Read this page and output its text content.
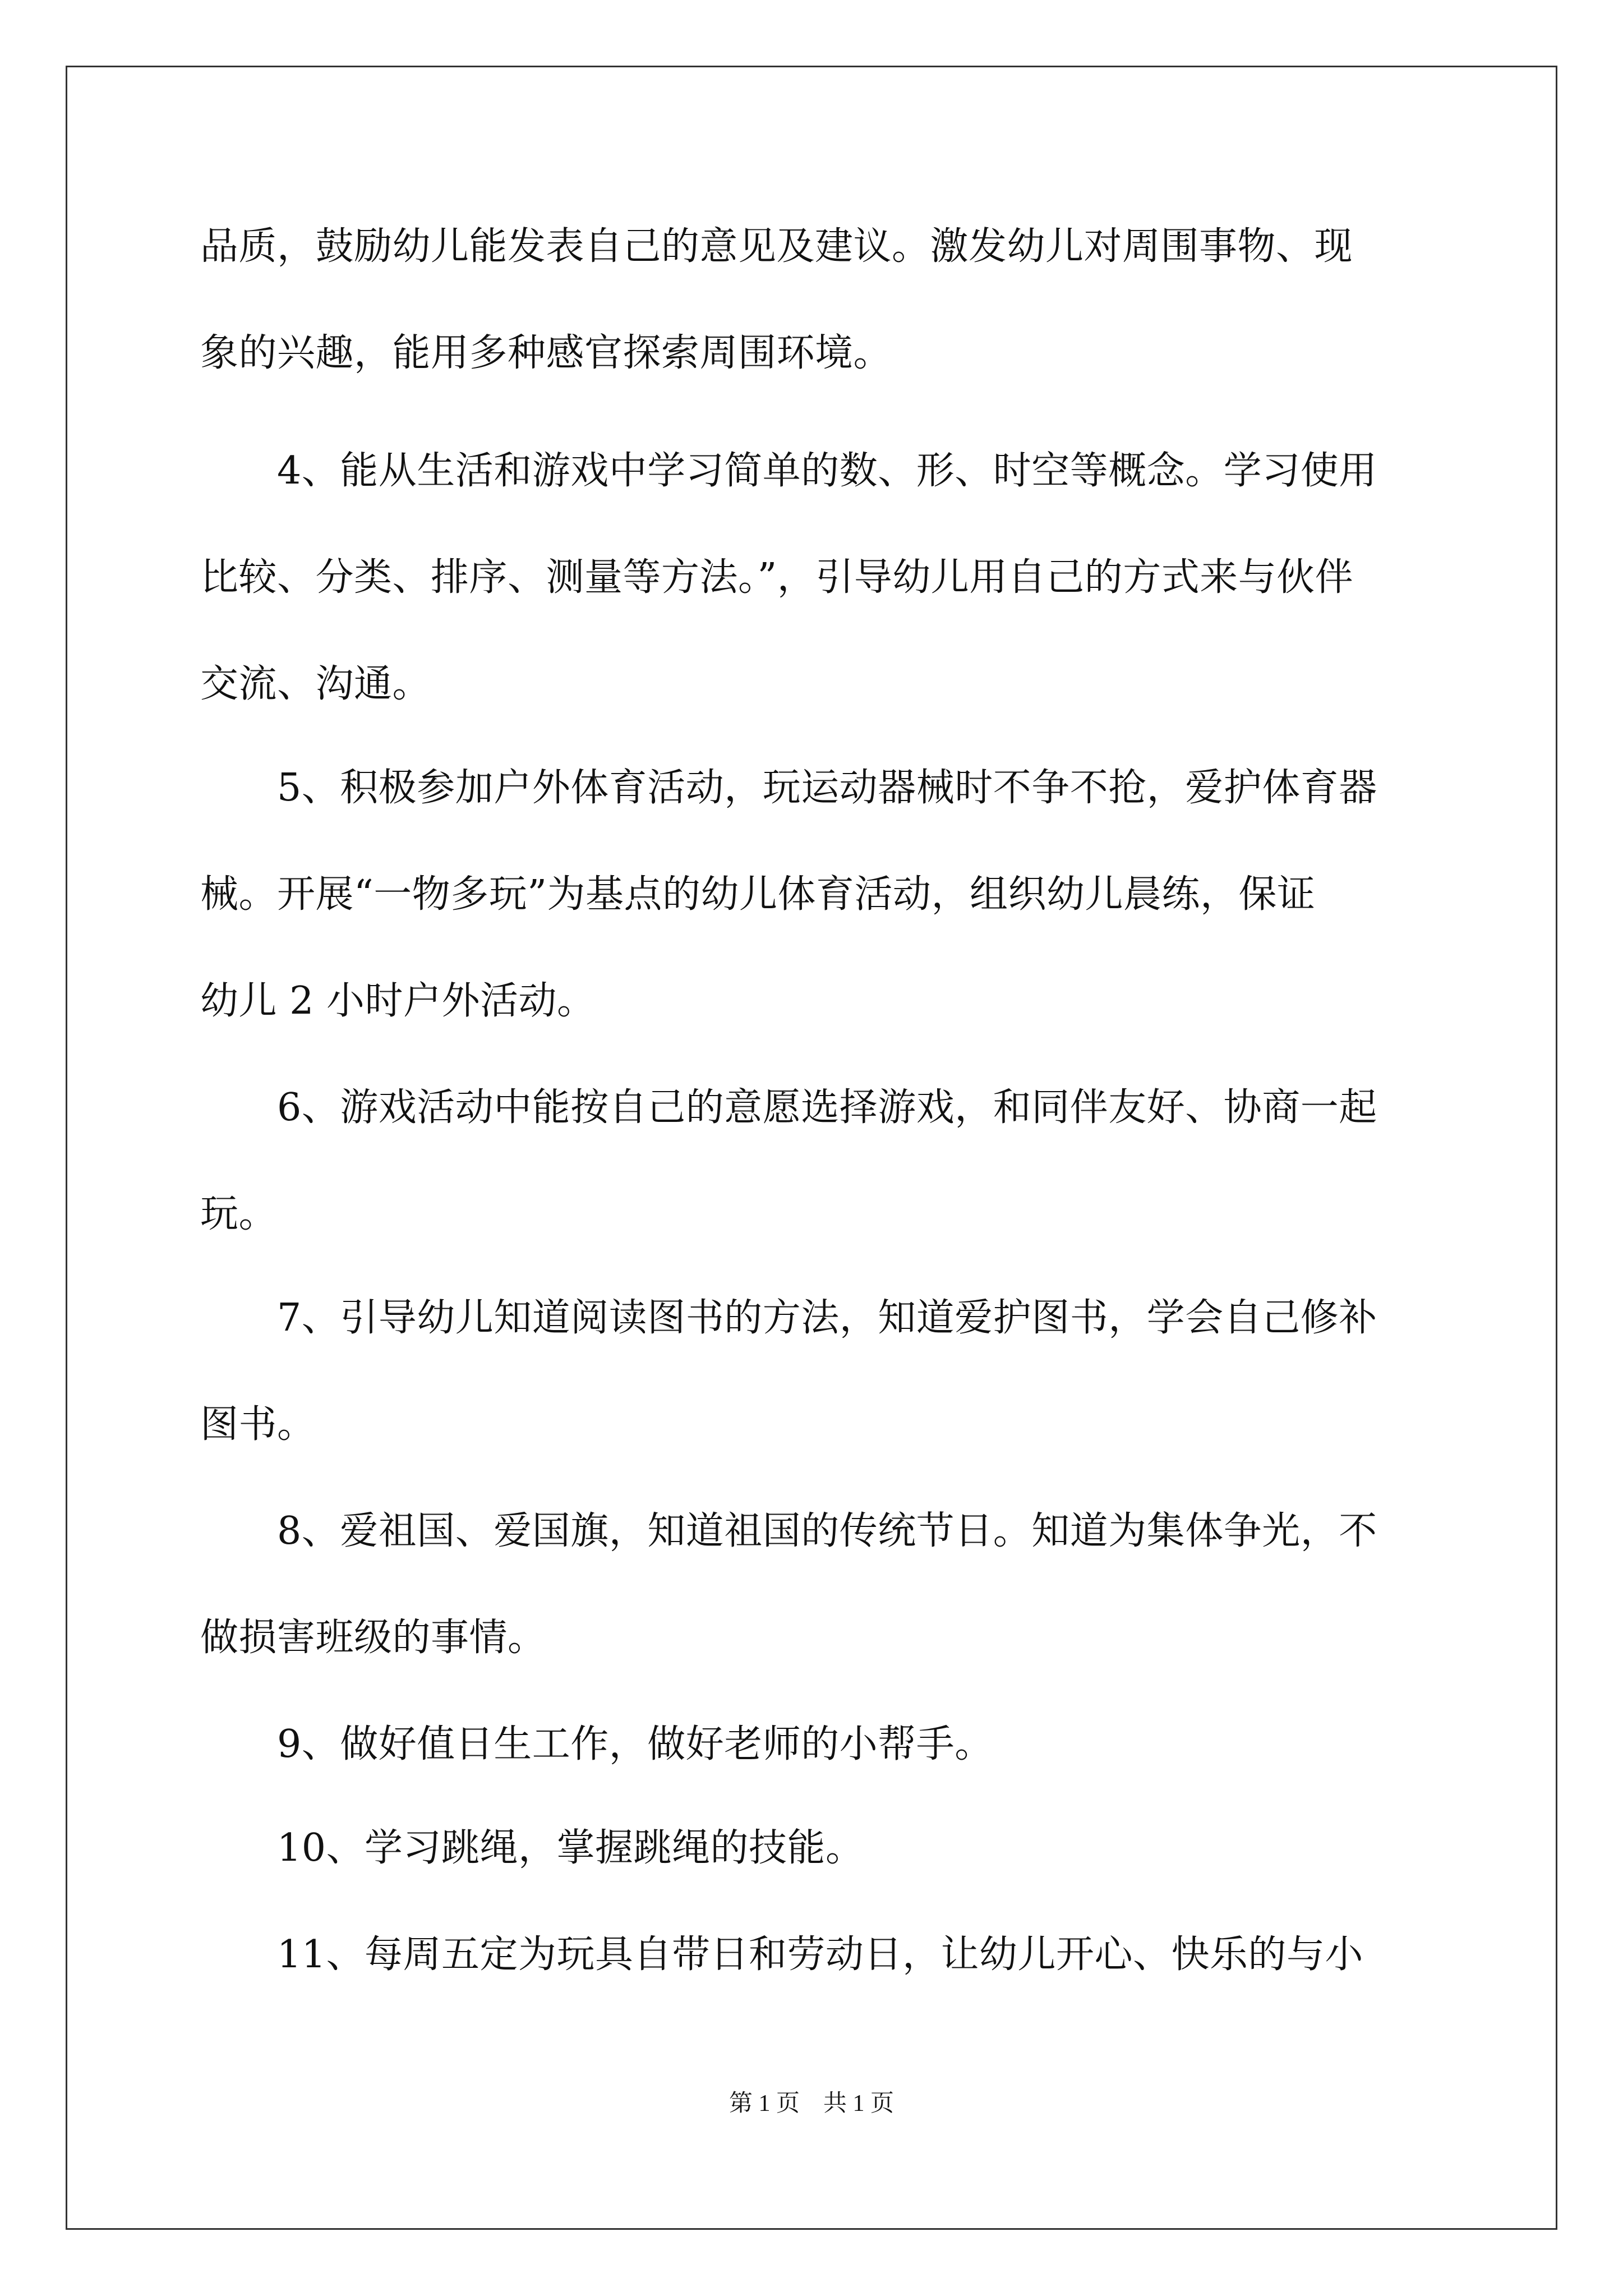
品质，鼓励幼儿能发表自己的意见及建议。激发幼儿对周围事物、现
象的兴趣，能用多种感官探索周围环境。
　　4、能从生活和游戏中学习简单的数、形、时空等概念。学习使用
比较、分类、排序、测量等方法。”，引导幼儿用自己的方式来与伙伴
交流、沟通。
　　5、积极参加户外体育活动，玩运动器械时不争不抢，爱护体育器
械。开展“一物多玩”为基点的幼儿体育活动，组织幼儿晨练，保证
幼儿 2 小时户外活动。
　　6、游戏活动中能按自己的意愿选择游戏，和同伴友好、协商一起
玩。
　　7、引导幼儿知道阅读图书的方法，知道爱护图书，学会自己修补
图书。
　　8、爱祖国、爱国旗，知道祖国的传统节日。知道为集体争光，不
做损害班级的事情。
　　9、做好值日生工作，做好老师的小帮手。
　　10、学习跳绳，掌握跳绳的技能。
　　11、每周五定为玩具自带日和劳动日，让幼儿开心、快乐的与小
第 1 页　共 1 页
